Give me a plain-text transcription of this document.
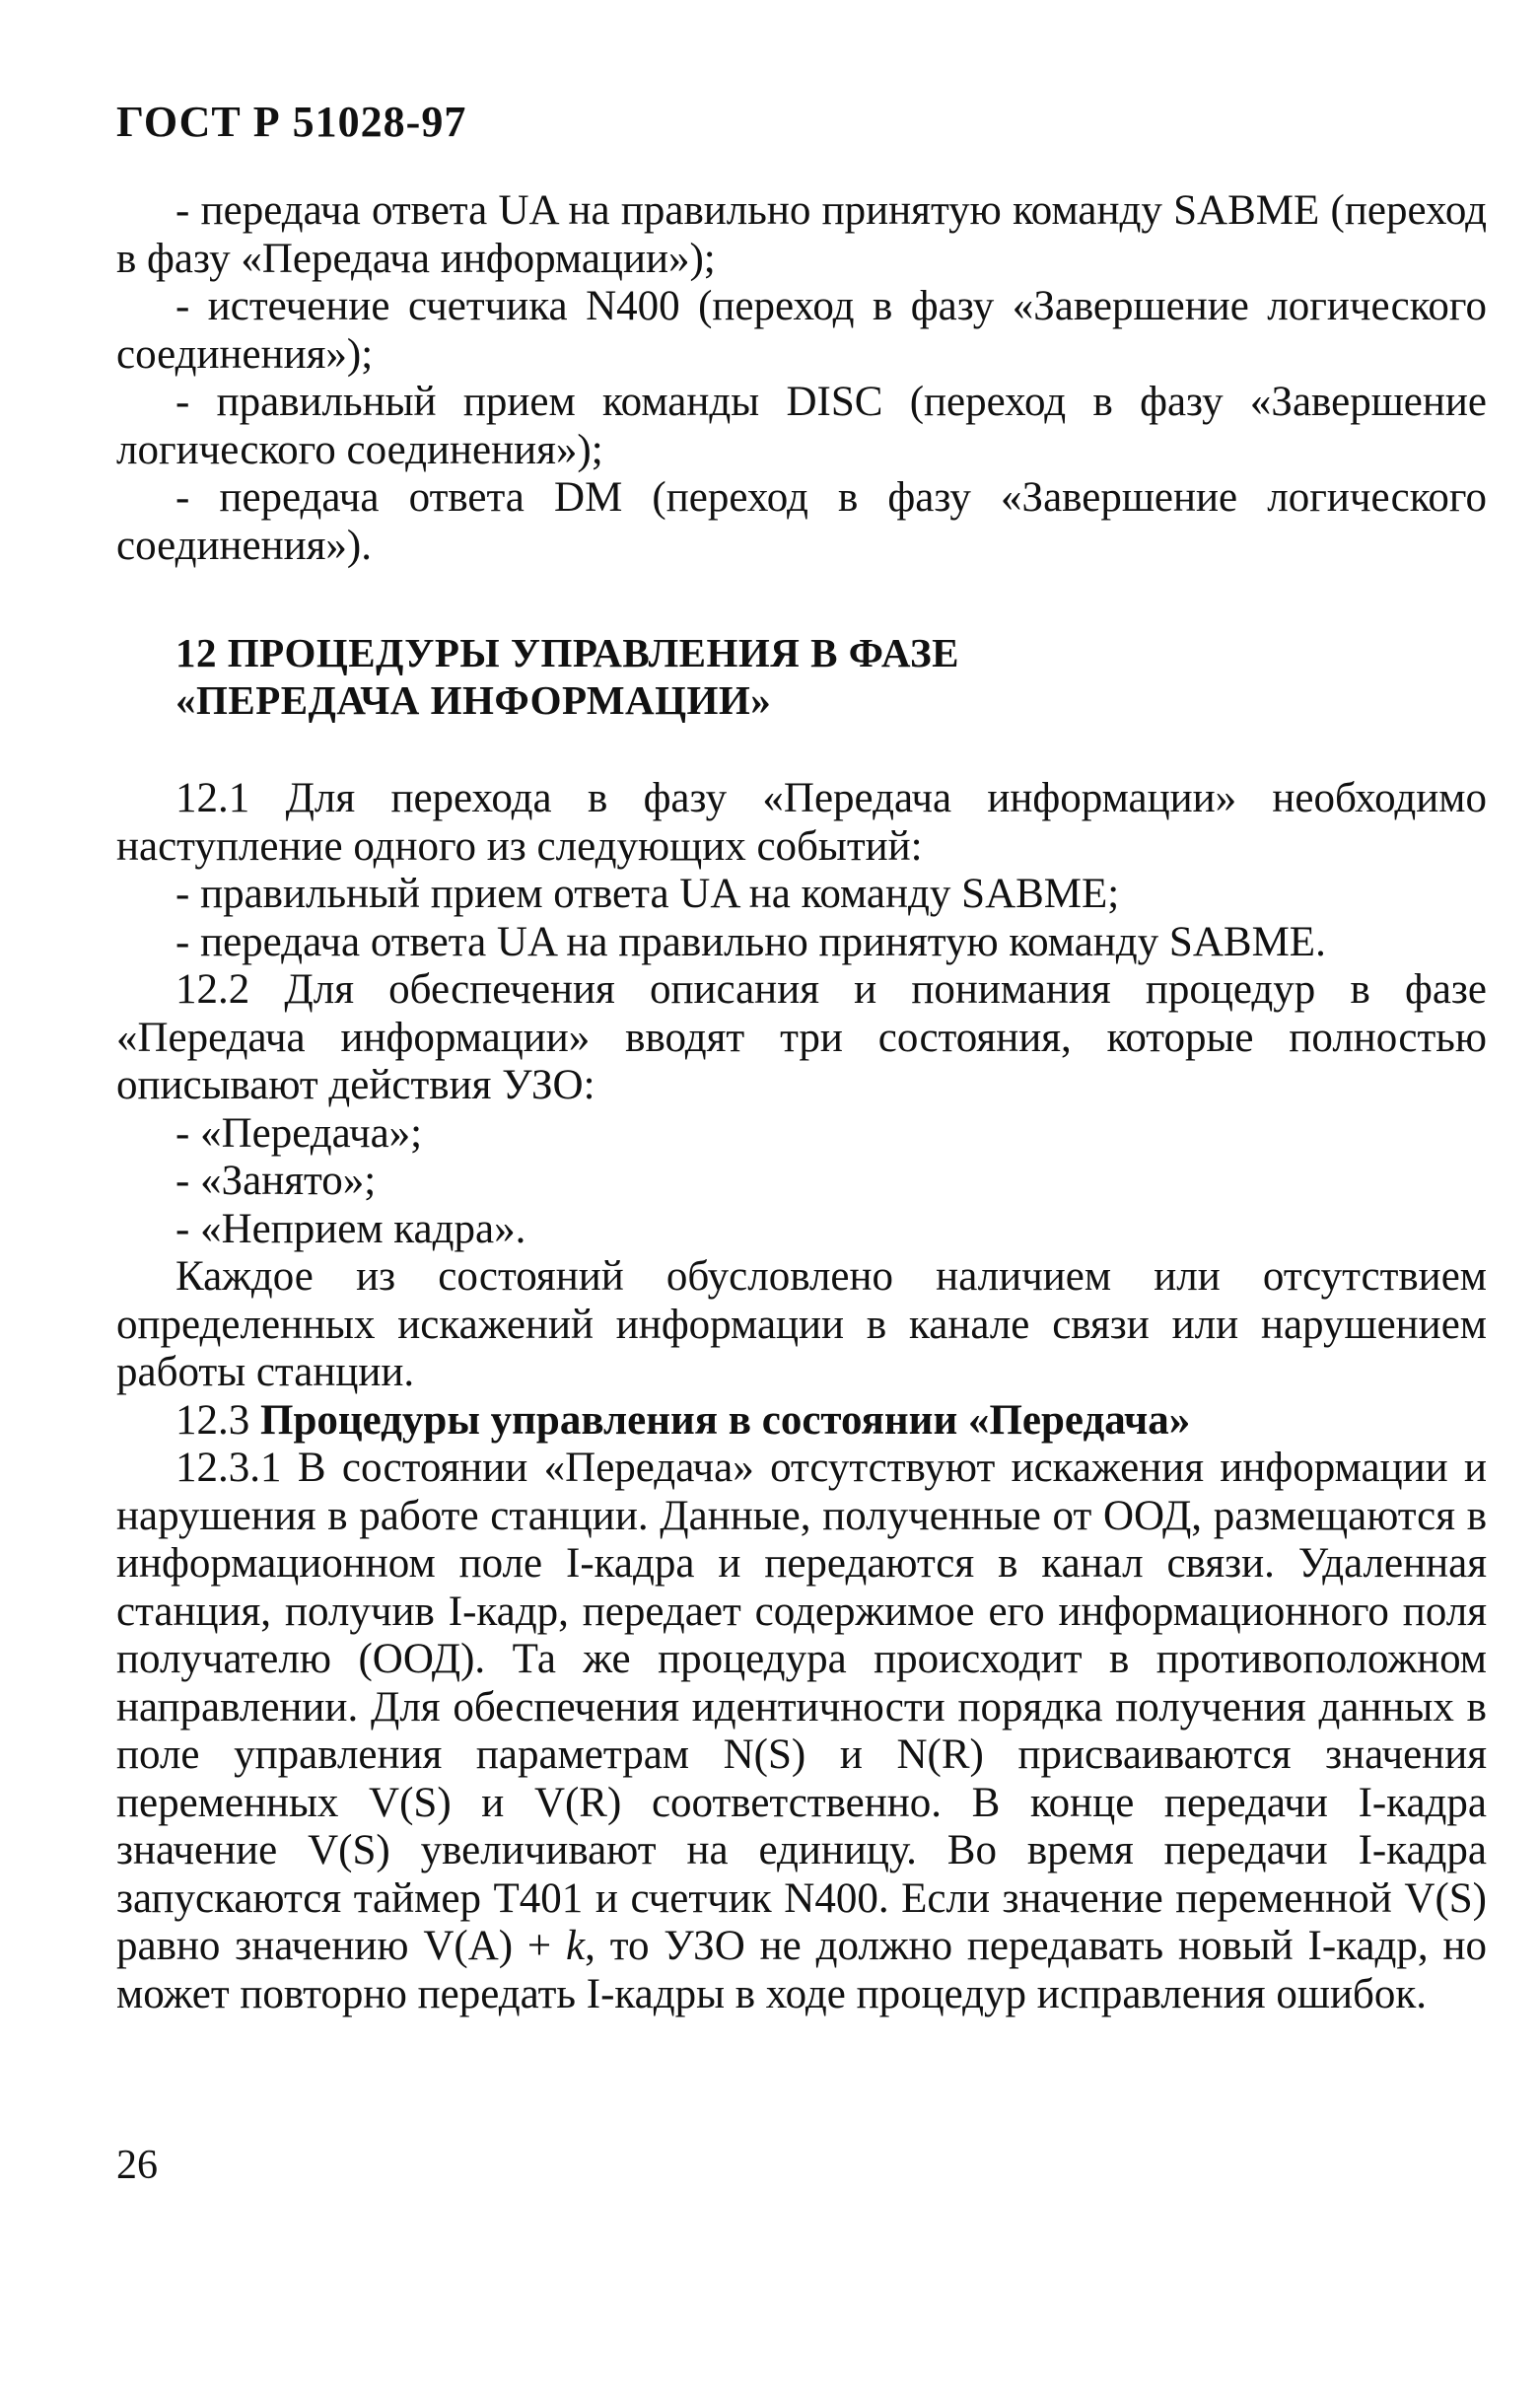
ГОСТ Р 51028-97

- передача ответа UA на правильно принятую команду SABME (переход в фазу «Передача информации»);

- истечение счетчика N400 (переход в фазу «Завершение логического соединения»);

- правильный прием команды DISC (переход в фазу «Завершение логического соединения»);

- передача ответа DM (переход в фазу «Завершение логического соединения»).

12 ПРОЦЕДУРЫ УПРАВЛЕНИЯ В ФАЗЕ

«ПЕРЕДАЧА ИНФОРМАЦИИ»

12.1 Для перехода в фазу «Передача информации» необходимо наступление одного из следующих событий:

- правильный прием ответа UA на команду SABME;

- передача ответа UA на правильно принятую команду SABME.

12.2 Для обеспечения описания и понимания процедур в фазе «Передача информации» вводят три состояния, которые полностью описывают действия УЗО:

- «Передача»;

- «Занято»;

- «Неприем кадра».

Каждое из состояний обусловлено наличием или отсутствием определенных искажений информации в канале связи или нарушением работы станции.

12.3 Процедуры управления в состоянии «Передача»

12.3.1 В состоянии «Передача» отсутствуют искажения информации и нарушения в работе станции. Данные, полученные от ООД, размещаются в информационном поле I-кадра и передаются в канал связи. Удаленная станция, получив I-кадр, передает содержимое его информационного поля получателю (ООД). Та же процедура происходит в противоположном направлении. Для обеспечения идентичности порядка получения данных в поле управления параметрам N(S) и N(R) присваиваются значения переменных V(S) и V(R) соответственно. В конце передачи I-кадра значение V(S) увеличивают на единицу. Во время передачи I-кадра запускаются таймер T401 и счетчик N400. Если значение переменной V(S) равно значению V(A) + k, то УЗО не должно передавать новый I-кадр, но может повторно передать I-кадры в ходе процедур исправления ошибок.

26
